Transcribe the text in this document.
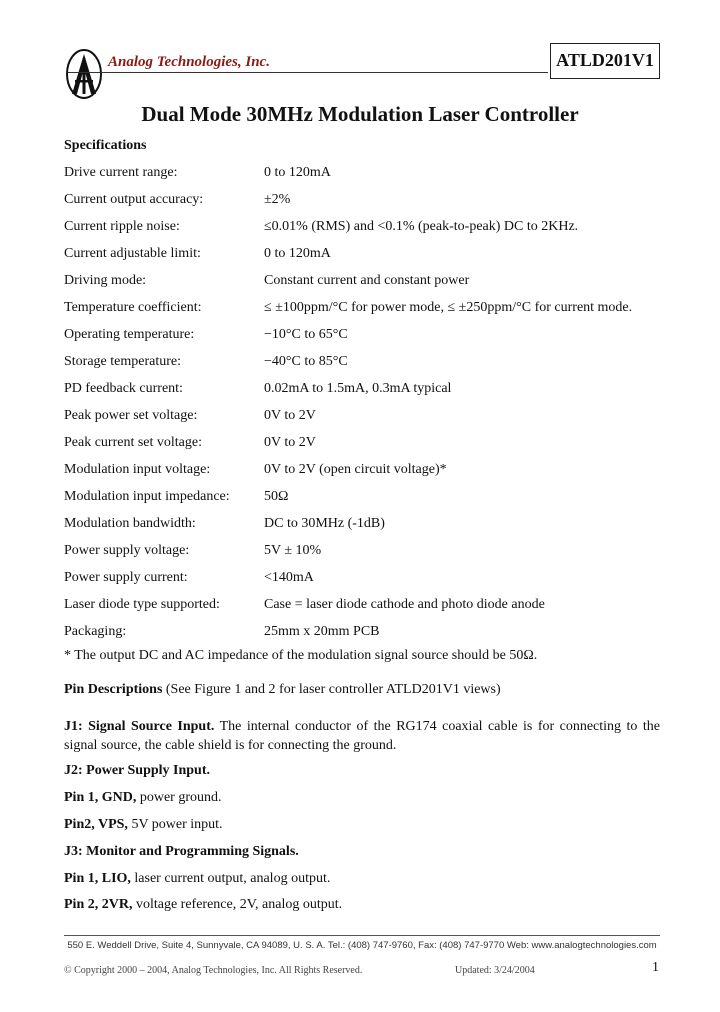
Analog Technologies, Inc.	ATLD201V1
Dual Mode 30MHz Modulation Laser Controller
Specifications
Drive current range:	0 to 120mA
Current output accuracy:	±2%
Current ripple noise:	≤0.01% (RMS) and <0.1% (peak-to-peak) DC to 2KHz.
Current adjustable limit:	0 to 120mA
Driving mode:	Constant current and constant power
Temperature coefficient:	≤ ±100ppm/°C for power mode, ≤ ±250ppm/°C for current mode.
Operating temperature:	−10°C to 65°C
Storage temperature:	−40°C to 85°C
PD feedback current:	0.02mA to 1.5mA, 0.3mA typical
Peak power set voltage:	0V to 2V
Peak current set voltage:	0V to 2V
Modulation input voltage:	0V to 2V (open circuit voltage)*
Modulation input impedance: 50Ω
Modulation bandwidth:	DC to 30MHz (-1dB)
Power supply voltage:	5V ± 10%
Power supply current:	<140mA
Laser diode type supported:	Case = laser diode cathode and photo diode anode
Packaging:	25mm x 20mm PCB
* The output DC and AC impedance of the modulation signal source should be 50Ω.
Pin Descriptions (See Figure 1 and 2 for laser controller ATLD201V1 views)
J1: Signal Source Input. The internal conductor of the RG174 coaxial cable is for connecting to the signal source, the cable shield is for connecting the ground.
J2: Power Supply Input.
Pin 1, GND, power ground.
Pin2, VPS, 5V power input.
J3: Monitor and Programming Signals.
Pin 1, LIO, laser current output, analog output.
Pin 2, 2VR, voltage reference, 2V, analog output.
550 E. Weddell Drive, Suite 4, Sunnyvale, CA 94089, U. S. A. Tel.: (408) 747-9760, Fax: (408) 747-9770 Web: www.analogtechnologies.com
© Copyright 2000 – 2004, Analog Technologies, Inc. All Rights Reserved.	Updated: 3/24/2004	1
